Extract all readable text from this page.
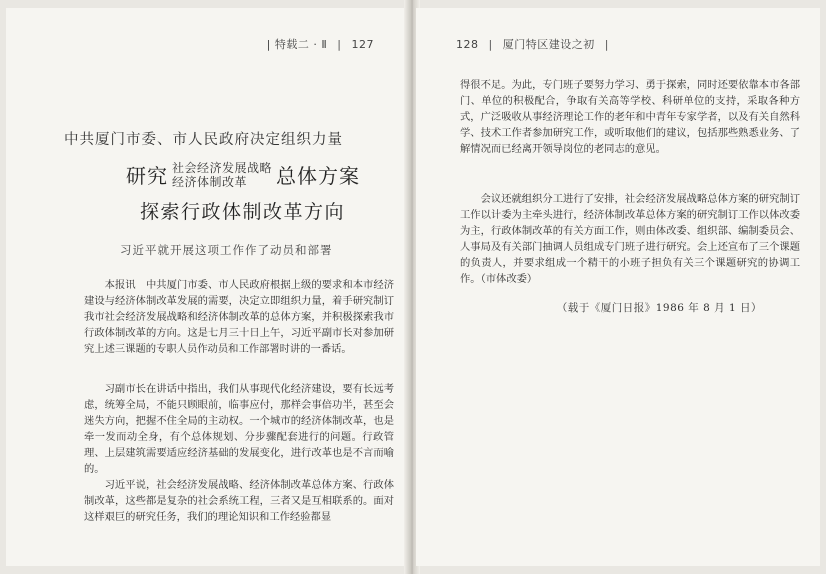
| 特载二 · Ⅱ | 127
中共厦门市委、市人民政府决定组织力量
研究 社会经济发展战略
经济体制改革	总体方案
探索行政体制改革方向
习近平就开展这项工作作了动员和部署

本报讯　中共厦门市委、市人民政府根据上级的要求和本市经济建设与经济体制改革发展的需要，决定立即组织力量，着手研究制订我市社会经济发展战略和经济体制改革的总体方案，并积极探索我市行政体制改革的方向。这是七月三十日上午，习近平副市长对参加研究上述三课题的专职人员作动员和工作部署时讲的一番话。

习副市长在讲话中指出，我们从事现代化经济建设，要有长远考虑，统筹全局，不能只顾眼前，临事应付，那样会事倍功半，甚至会迷失方向，把握不住全局的主动权。一个城市的经济体制改革，也是牵一发而动全身，有个总体规划、分步骤配套进行的问题。行政管理、上层建筑需要适应经济基础的发展变化，进行改革也是不言而喻的。

习近平说，社会经济发展战略、经济体制改革总体方案、行政体制改革，这些都是复杂的社会系统工程，三者又是互相联系的。面对这样艰巨的研究任务，我们的理论知识和工作经验都显

128 | 厦门特区建设之初 |

得很不足。为此，专门班子要努力学习、勇于探索，同时还要依靠本市各部门、单位的积极配合，争取有关高等学校、科研单位的支持，采取各种方式，广泛吸收从事经济理论工作的老年和中青年专家学者，以及有关自然科学、技术工作者参加研究工作，或听取他们的建议，包括那些熟悉业务、了解情况而已经离开领导岗位的老同志的意见。

会议还就组织分工进行了安排，社会经济发展战略总体方案的研究制订工作以计委为主牵头进行，经济体制改革总体方案的研究制订工作以体改委为主，行政体制改革的有关方面工作，则由体改委、组织部、编制委员会、人事局及有关部门抽调人员组成专门班子进行研究。会上还宣布了三个课题的负责人，并要求组成一个精干的小班子担负有关三个课题研究的协调工作。（市体改委）

（载于《厦门日报》1986 年 8 月 1 日）
